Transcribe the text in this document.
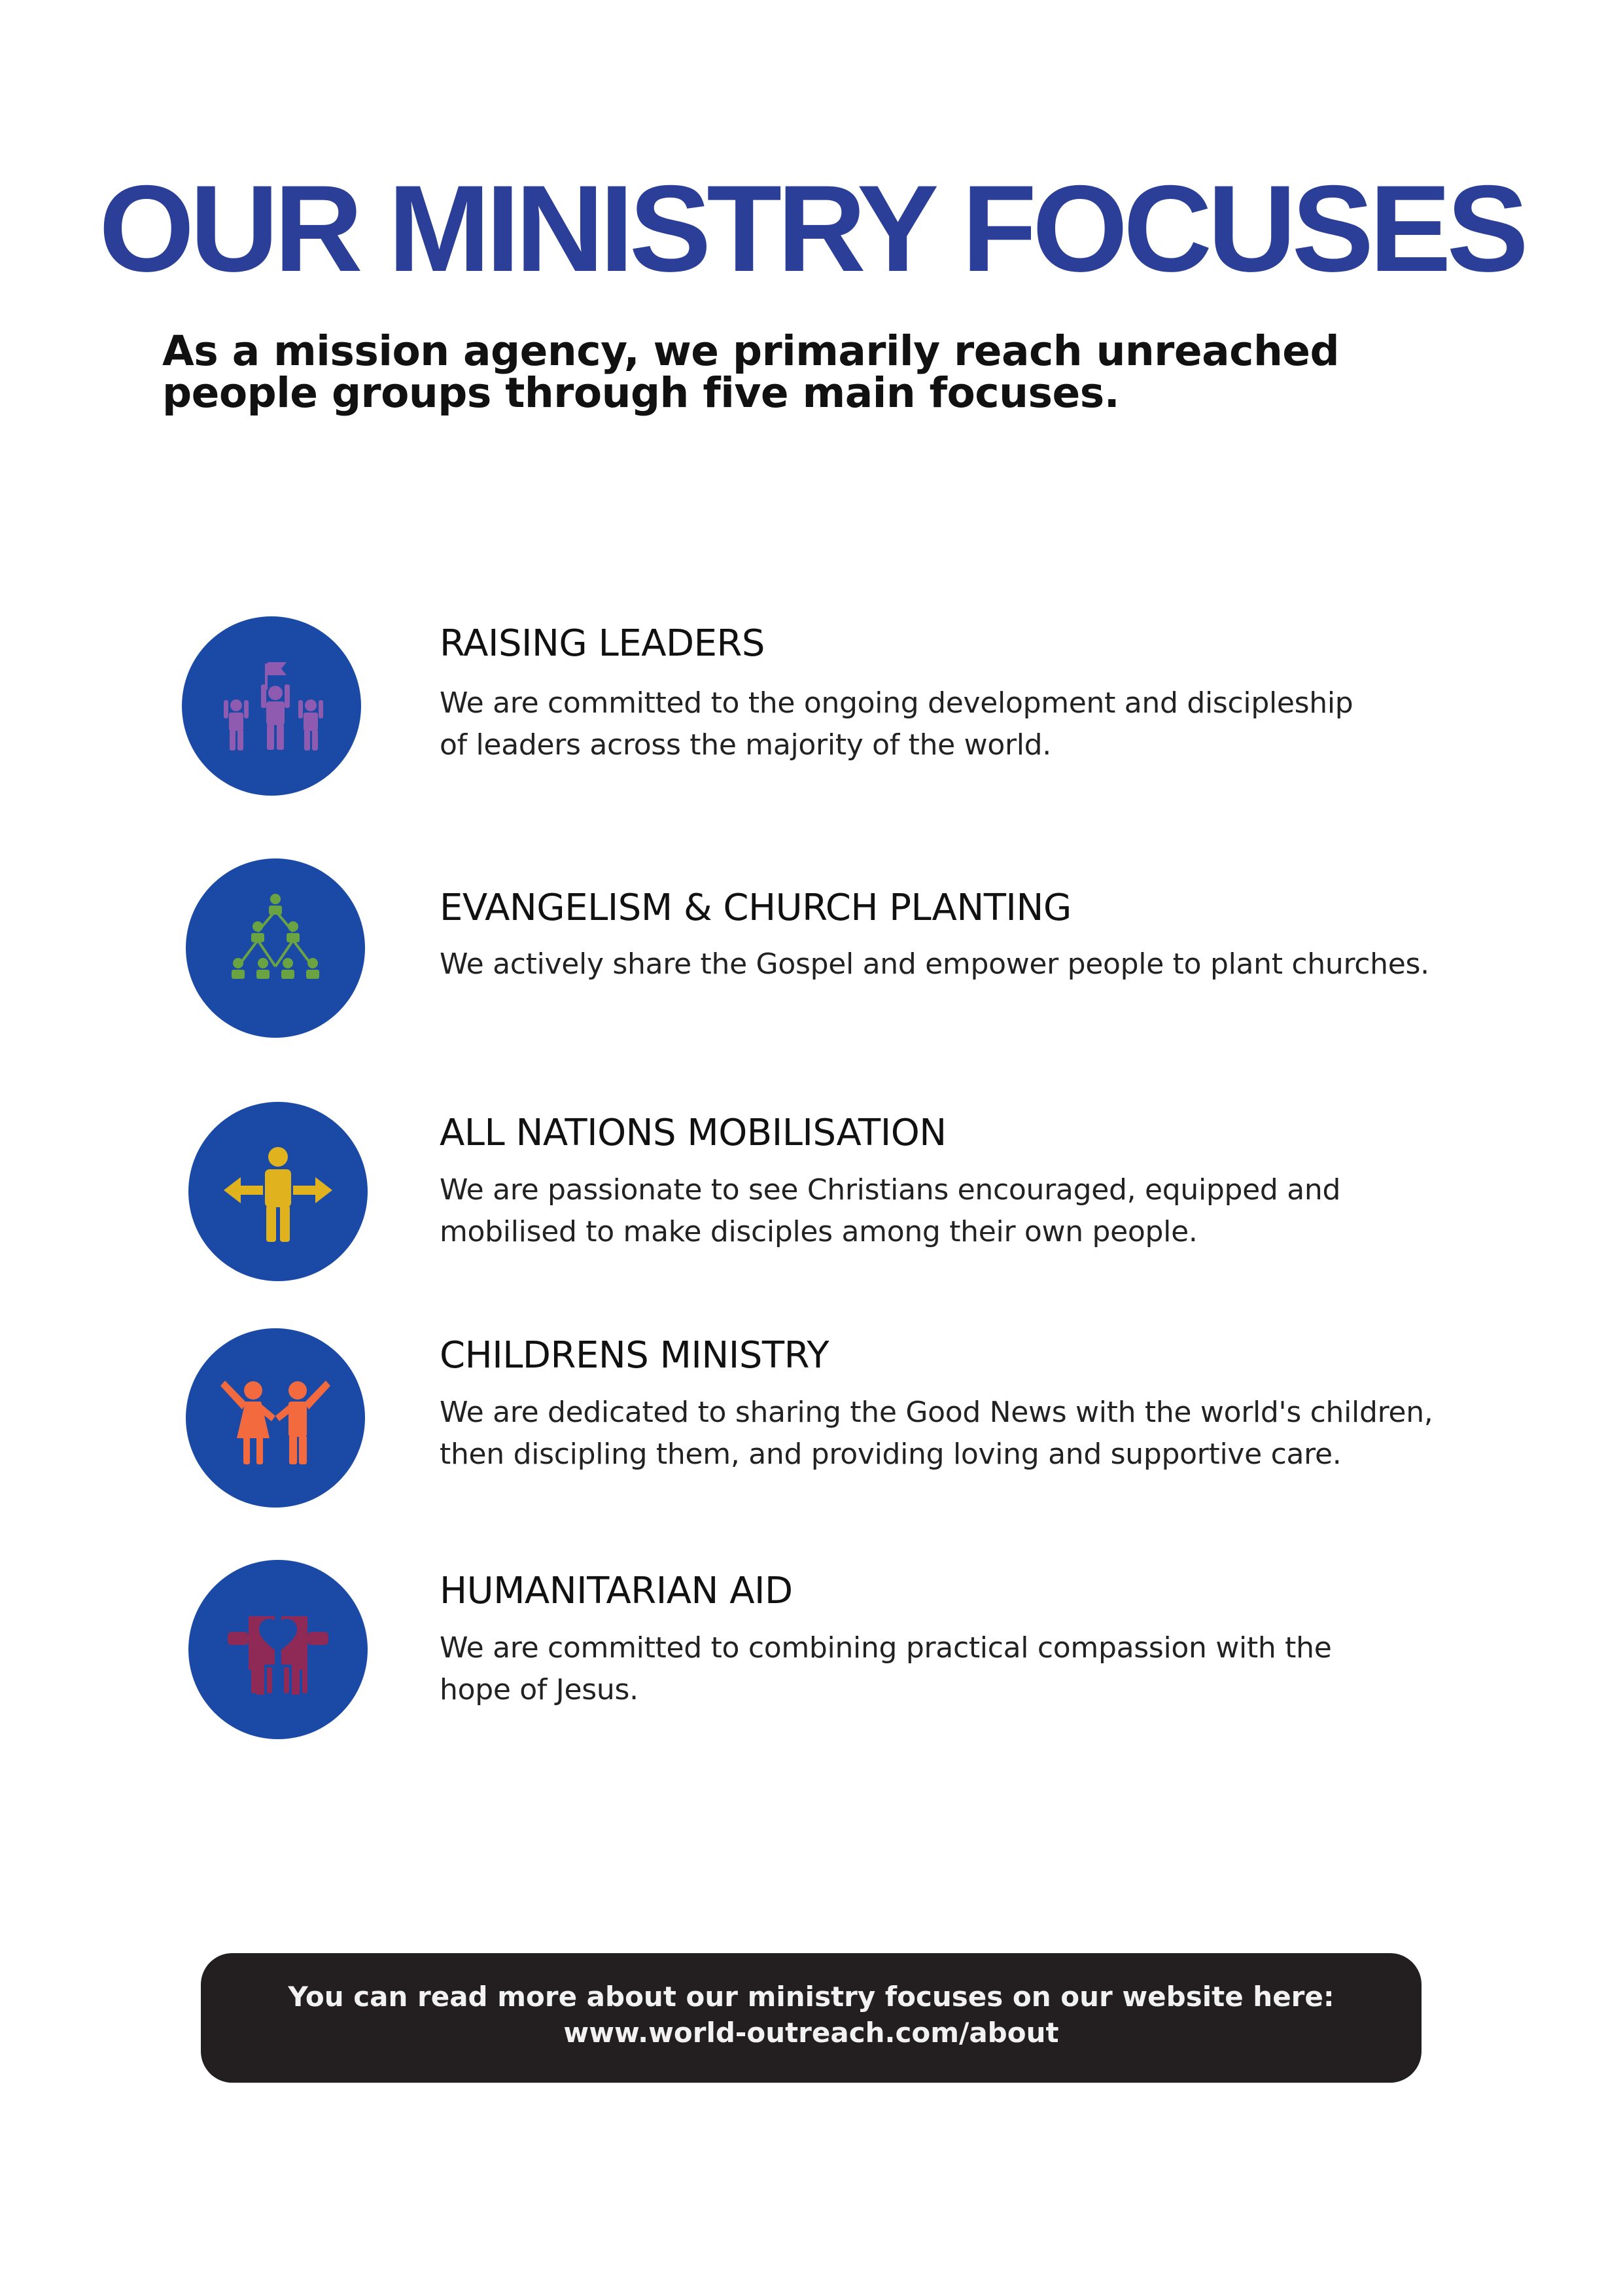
OUR MINISTRY FOCUSES
As a mission agency, we primarily reach unreached people groups through five main focuses.
RAISING LEADERS
We are committed to the ongoing development and discipleship of leaders across the majority of the world.
EVANGELISM & CHURCH PLANTING
We actively share the Gospel and empower people to plant churches.
ALL NATIONS MOBILISATION
We are passionate to see Christians encouraged, equipped and mobilised to make disciples among their own people.
CHILDRENS MINISTRY
We are dedicated to sharing the Good News with the world's children, then discipling them, and providing loving and supportive care.
HUMANITARIAN AID
We are committed to combining practical compassion with the hope of Jesus.
You can read more about our ministry focuses on our website here:
www.world-outreach.com/about
